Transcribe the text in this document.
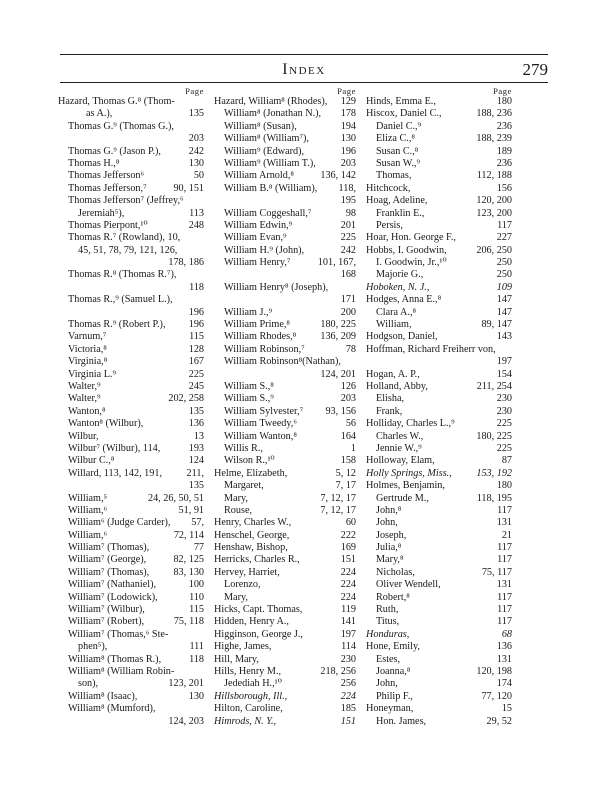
Index	279
Page
Hazard, Thomas G.⁸ (Thom-
as A.),	135
Thomas G.⁹ (Thomas G.),
203
Thomas G.⁹ (Jason P.),	242
Thomas H.,⁸	130
Thomas Jefferson⁶	50
Thomas Jefferson,⁷	90, 151
Thomas Jefferson⁷ (Jeffrey,⁶
Jeremiah⁵),	113
Thomas Pierpont,¹⁰	248
Thomas R.⁷ (Rowland), 10,
45, 51, 78, 79, 121, 126,
178, 186
Thomas R.⁸ (Thomas R.⁷),
118
Thomas R.,⁹ (Samuel L.),
196
Thomas R.⁹ (Robert P.), 196
Varnum,⁷	115
Victoria,⁸	128
Virginia,⁸	167
Virginia L.⁹	225
Walter,⁹	245
Walter,⁹	202, 258
Wanton,⁸	135
Wanton⁸ (Wilbur),	136
Wilbur,	13
Wilbur⁷ (Wilbur), 114,	193
Wilbur C.,⁸	124
Willard, 113, 142, 191, 211,
135
William,⁵	24, 26, 50, 51
William,⁶	51, 91
William⁶ (Judge Carder), 57,
William,⁶	72, 114
William⁷ (Thomas),	77
William⁷ (George),	82, 125
William⁷ (Thomas), 83, 130
William⁷ (Nathaniel),	100
William⁷ (Lodowick),	110
William⁷ (Wilbur),	115
William⁷ (Robert),	75, 118
William⁷ (Thomas,⁶ Ste-
phen⁵),	111
William⁸ (Thomas R.),	118
William⁸ (William Robin-
son),	123, 201
William⁸ (Isaac),	130
William⁸ (Mumford),
124, 203
Page
Hazard, William⁸ (Rhodes), 129
William⁸ (Jonathan N.), 178
William⁸ (Susan),	194
William⁸ (William⁷),	130
William⁹ (Edward),	196
William⁹ (William T.), 203
William Arnold,⁸	136, 142
William B.⁸ (William), 118,
195
William Coggeshall,⁷	98
William Edwin,⁹	201
William Evan,⁹	225
William H.⁹ (John),	242
William Henry,⁷	101, 167,
168
William Henry⁸ (Joseph),
171
William J.,⁹	200
William Prime,⁸	180, 225
William Rhodes,⁸ 136, 209
William Robinson,⁷	78
William Robinson⁸(Nathan),
124, 201
William S.,⁸	126
William S.,⁹	203
William Sylvester,⁷ 93, 156
William Tweedy,⁶	56
William Wanton,⁸	164
Willis R.,	1
Wilson R.,¹⁰	158
Helme, Elizabeth,	5, 12
Margaret,	7, 17
Mary,	7, 12, 17
Rouse,	7, 12, 17
Henry, Charles W.,	60
Henschel, George,	222
Henshaw, Bishop,	169
Herricks, Charles R.,	151
Hervey, Harriet,	224
Lorenzo,	224
Mary,	224
Hicks, Capt. Thomas,	119
Hidden, Henry A.,	141
Higginson, George J.,	197
Highe, James,	114
Hill, Mary,	230
Hills, Henry M.,	218, 256
Jedediah H.,¹⁰	256
Hillsborough, Ill.,	224
Hilton, Caroline,	185
Himrods, N. Y.,	151
Page
Hinds, Emma E.,	180
Hiscox, Daniel C.,	188, 236
Daniel C.,⁹	236
Eliza C.,⁸	188, 239
Susan C.,⁸	189
Susan W.,⁹	236
Thomas,	112, 188
Hitchcock,	156
Hoag, Adeline,	120, 200
Franklin E.,	123, 200
Persis,	117
Hoar, Hon. George F.,	227
Hobbs, I. Goodwin,	206, 250
I. Goodwin, Jr.,¹⁰	250
Majorie G.,	250
Hoboken, N. J.,	109
Hodges, Anna E.,⁸	147
Clara A.,⁸	147
William,	89, 147
Hodgson, Daniel,	143
Hoffman, Richard Freiherr von,
197
Hogan, A. P.,	154
Holland, Abby,	211, 254
Elisha,	230
Frank,	230
Holliday, Charles L.,⁹	225
Charles W.,	180, 225
Jennie W.,⁹	225
Holloway, Elam,	87
Holly Springs, Miss., 153, 192
Holmes, Benjamin,	180
Gertrude M.,	118, 195
John,⁸	117
John,	131
Joseph,	21
Julia,⁸	117
Mary,⁸	117
Nicholas,	75, 117
Oliver Wendell,	131
Robert,⁸	117
Ruth,	117
Titus,	117
Honduras,	68
Hone, Emily,	136
Estes,	131
Joanna,⁸	120, 198
John,	174
Philip F.,	77, 120
Honeyman,	15
Hon. James,	29, 52
